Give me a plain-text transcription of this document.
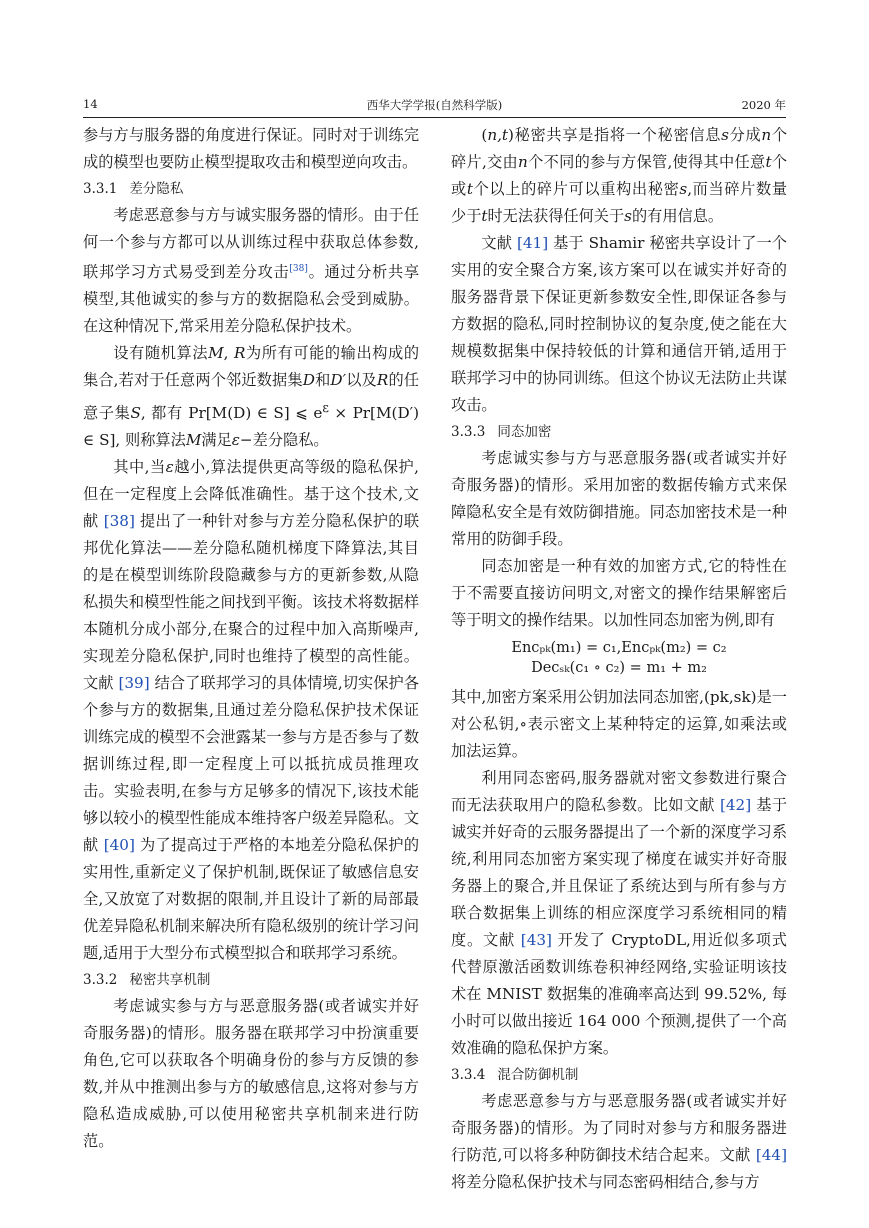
14	西华大学学报(自然科学版)	2020 年

参与方与服务器的角度进行保证。同时对于训练完成的模型也要防止模型提取攻击和模型逆向攻击。

3.3.1 差分隐私

考虑恶意参与方与诚实服务器的情形。由于任何一个参与方都可以从训练过程中获取总体参数,联邦学习方式易受到差分攻击[38]。通过分析共享模型,其他诚实的参与方的数据隐私会受到威胁。在这种情况下,常采用差分隐私保护技术。

设有随机算法M, R为所有可能的输出构成的集合,若对于任意两个邻近数据集D和D′以及R的任意子集S, 都有 Pr[M(D) ∈ S] ⩽ $e^\varepsilon \times Pr[M(D')$ ∈ S], 则称算法M满足ε−差分隐私。

其中,当ε越小,算法提供更高等级的隐私保护,但在一定程度上会降低准确性。基于这个技术,文献 [38] 提出了一种针对参与方差分隐私保护的联邦优化算法——差分隐私随机梯度下降算法,其目的是在模型训练阶段隐藏参与方的更新参数,从隐私损失和模型性能之间找到平衡。该技术将数据样本随机分成小部分,在聚合的过程中加入高斯噪声,实现差分隐私保护,同时也维持了模型的高性能。文献 [39] 结合了联邦学习的具体情境,切实保护各个参与方的数据集,且通过差分隐私保护技术保证训练完成的模型不会泄露某一参与方是否参与了数据训练过程,即一定程度上可以抵抗成员推理攻击。实验表明,在参与方足够多的情况下,该技术能够以较小的模型性能成本维持客户级差异隐私。文献 [40] 为了提高过于严格的本地差分隐私保护的实用性,重新定义了保护机制,既保证了敏感信息安全,又放宽了对数据的限制,并且设计了新的局部最优差异隐私机制来解决所有隐私级别的统计学习问题,适用于大型分布式模型拟合和联邦学习系统。

3.3.2 秘密共享机制

考虑诚实参与方与恶意服务器(或者诚实并好奇服务器)的情形。服务器在联邦学习中扮演重要角色,它可以获取各个明确身份的参与方反馈的参数,并从中推测出参与方的敏感信息,这将对参与方隐私造成威胁,可以使用秘密共享机制来进行防范。

(n,t)秘密共享是指将一个秘密信息s分成n个碎片,交由n个不同的参与方保管,使得其中任意t个或t个以上的碎片可以重构出秘密s,而当碎片数量少于t时无法获得任何关于s的有用信息。

文献 [41] 基于 Shamir 秘密共享设计了一个实用的安全聚合方案,该方案可以在诚实并好奇的服务器背景下保证更新参数安全性,即保证各参与方数据的隐私,同时控制协议的复杂度,使之能在大规模数据集中保持较低的计算和通信开销,适用于联邦学习中的协同训练。但这个协议无法防止共谋攻击。

3.3.3 同态加密

考虑诚实参与方与恶意服务器(或者诚实并好奇服务器)的情形。采用加密的数据传输方式来保障隐私安全是有效防御措施。同态加密技术是一种常用的防御手段。

同态加密是一种有效的加密方式,它的特性在于不需要直接访问明文,对密文的操作结果解密后等于明文的操作结果。以加性同态加密为例,即有

Encₚₖ(m₁) = c₁,Encₚₖ(m₂) = c₂
Decₛₖ(c₁ ∘ c₂) = m₁ + m₂

其中,加密方案采用公钥加法同态加密,(pk,sk)是一对公私钥,∘表示密文上某种特定的运算,如乘法或加法运算。

利用同态密码,服务器就对密文参数进行聚合而无法获取用户的隐私参数。比如文献 [42] 基于诚实并好奇的云服务器提出了一个新的深度学习系统,利用同态加密方案实现了梯度在诚实并好奇服务器上的聚合,并且保证了系统达到与所有参与方联合数据集上训练的相应深度学习系统相同的精度。文献 [43] 开发了 CryptoDL,用近似多项式代替原激活函数训练卷积神经网络,实验证明该技术在 MNIST 数据集的准确率高达到 99.52%, 每小时可以做出接近 164 000 个预测,提供了一个高效准确的隐私保护方案。

3.3.4 混合防御机制

考虑恶意参与方与恶意服务器(或者诚实并好奇服务器)的情形。为了同时对参与方和服务器进行防范,可以将多种防御技术结合起来。文献 [44] 将差分隐私保护技术与同态密码相结合,参与方
